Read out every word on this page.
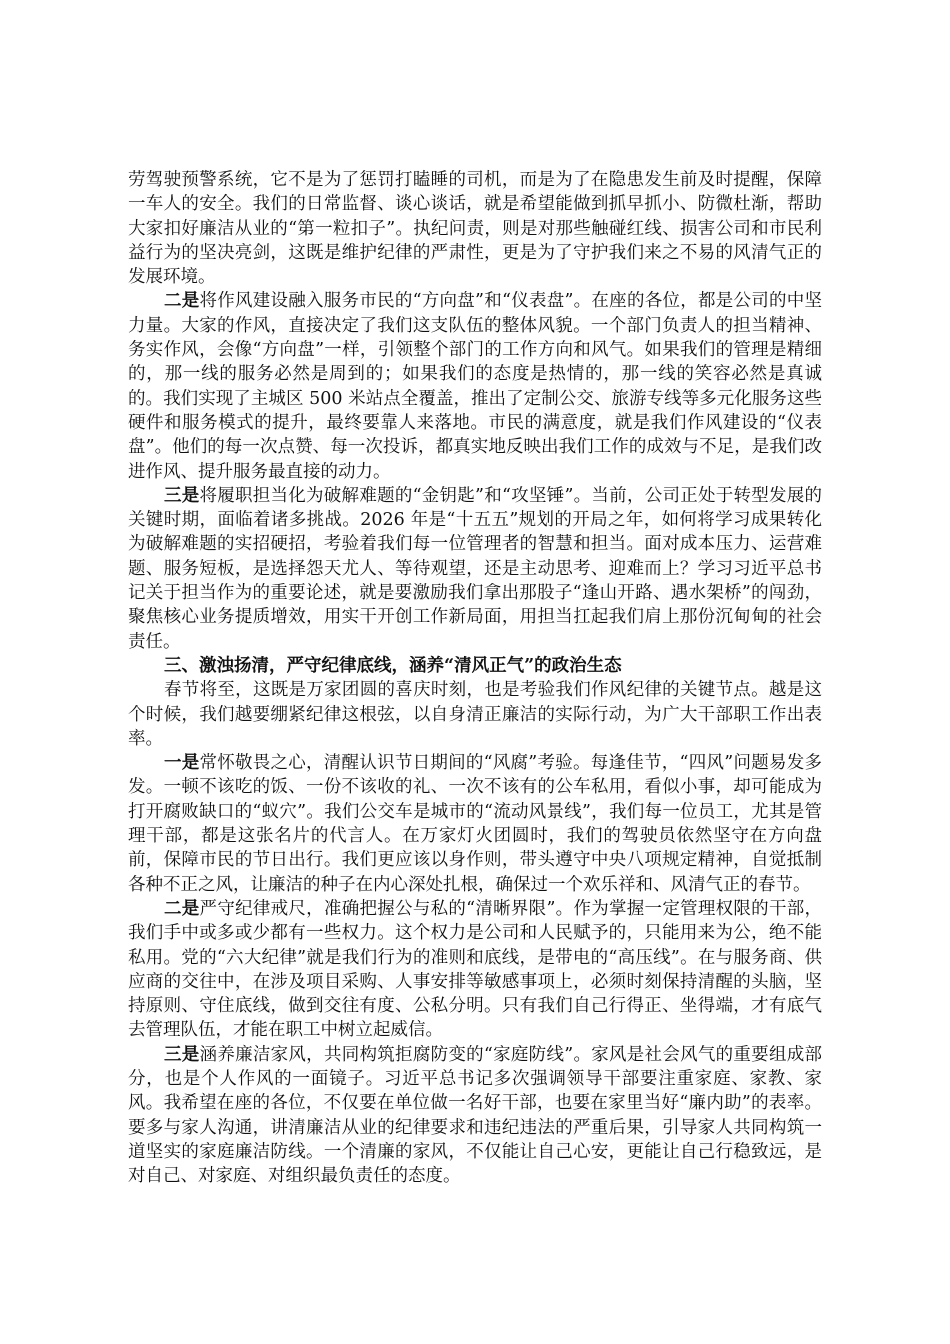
劳驾驶预警系统，它不是为了惩罚打瞌睡的司机，而是为了在隐患发生前及时提醒，保障一车人的安全。我们的日常监督、谈心谈话，就是希望能做到抓早抓小、防微杜渐，帮助大家扣好廉洁从业的“第一粒扣子”。执纪问责，则是对那些触碰红线、损害公司和市民利益行为的坚决亮剑，这既是维护纪律的严肃性，更是为了守护我们来之不易的风清气正的发展环境。

二是将作风建设融入服务市民的“方向盘”和“仪表盘”。在座的各位，都是公司的中坚力量。大家的作风，直接决定了我们这支队伍的整体风貌。一个部门负责人的担当精神、务实作风，会像“方向盘”一样，引领整个部门的工作方向和风气。如果我们的管理是精细的，那一线的服务必然是周到的；如果我们的态度是热情的，那一线的笑容必然是真诚的。我们实现了主城区 500 米站点全覆盖，推出了定制公交、旅游专线等多元化服务这些硬件和服务模式的提升，最终要靠人来落地。市民的满意度，就是我们作风建设的“仪表盘”。他们的每一次点赞、每一次投诉，都真实地反映出我们工作的成效与不足，是我们改进作风、提升服务最直接的动力。

三是将履职担当化为破解难题的“金钥匙”和“攻坚锤”。当前，公司正处于转型发展的关键时期，面临着诸多挑战。2026 年是“十五五”规划的开局之年，如何将学习成果转化为破解难题的实招硬招，考验着我们每一位管理者的智慧和担当。面对成本压力、运营难题、服务短板，是选择怨天尤人、等待观望，还是主动思考、迎难而上？学习习近平总书记关于担当作为的重要论述，就是要激励我们拿出那股子“逢山开路、遇水架桥”的闯劲，聚焦核心业务提质增效，用实干开创工作新局面，用担当扛起我们肩上那份沉甸甸的社会责任。

三、激浊扬清，严守纪律底线，涵养“清风正气”的政治生态

春节将至，这既是万家团圆的喜庆时刻，也是考验我们作风纪律的关键节点。越是这个时候，我们越要绷紧纪律这根弦，以自身清正廉洁的实际行动，为广大干部职工作出表率。

一是常怀敬畏之心，清醒认识节日期间的“风腐”考验。每逢佳节，“四风”问题易发多发。一顿不该吃的饭、一份不该收的礼、一次不该有的公车私用，看似小事，却可能成为打开腐败缺口的“蚁穴”。我们公交车是城市的“流动风景线”，我们每一位员工，尤其是管理干部，都是这张名片的代言人。在万家灯火团圆时，我们的驾驶员依然坚守在方向盘前，保障市民的节日出行。我们更应该以身作则，带头遵守中央八项规定精神，自觉抵制各种不正之风，让廉洁的种子在内心深处扎根，确保过一个欢乐祥和、风清气正的春节。

二是严守纪律戒尺，准确把握公与私的“清晰界限”。作为掌握一定管理权限的干部，我们手中或多或少都有一些权力。这个权力是公司和人民赋予的，只能用来为公，绝不能私用。党的“六大纪律”就是我们行为的准则和底线，是带电的“高压线”。在与服务商、供应商的交往中，在涉及项目采购、人事安排等敏感事项上，必须时刻保持清醒的头脑，坚持原则、守住底线，做到交往有度、公私分明。只有我们自己行得正、坐得端，才有底气去管理队伍，才能在职工中树立起威信。

三是涵养廉洁家风，共同构筑拒腐防变的“家庭防线”。家风是社会风气的重要组成部分，也是个人作风的一面镜子。习近平总书记多次强调领导干部要注重家庭、家教、家风。我希望在座的各位，不仅要在单位做一名好干部，也要在家里当好“廉内助”的表率。要多与家人沟通，讲清廉洁从业的纪律要求和违纪违法的严重后果，引导家人共同构筑一道坚实的家庭廉洁防线。一个清廉的家风，不仅能让自己心安，更能让自己行稳致远，是对自己、对家庭、对组织最负责任的态度。
